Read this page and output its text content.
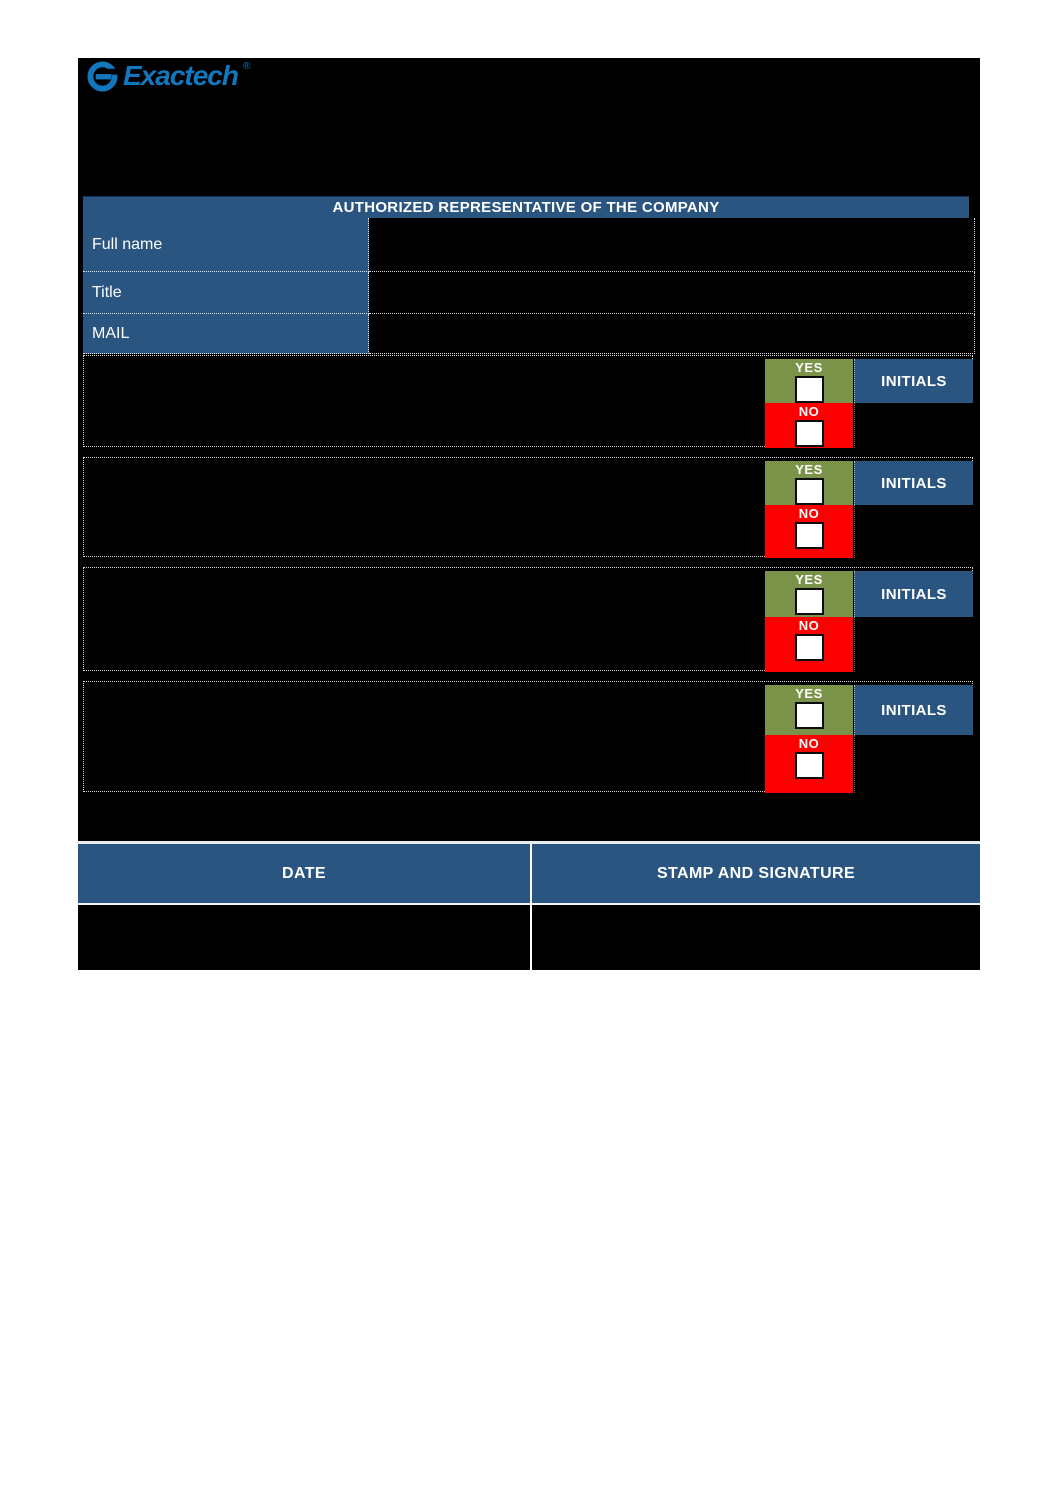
Exactech ®
AUTHORIZED REPRESENTATIVE OF THE COMPANY
Full name
Title
MAIL
YES
NO
INITIALS
YES
NO
INITIALS
YES
NO
INITIALS
YES
NO
INITIALS
DATE	STAMP AND SIGNATURE
